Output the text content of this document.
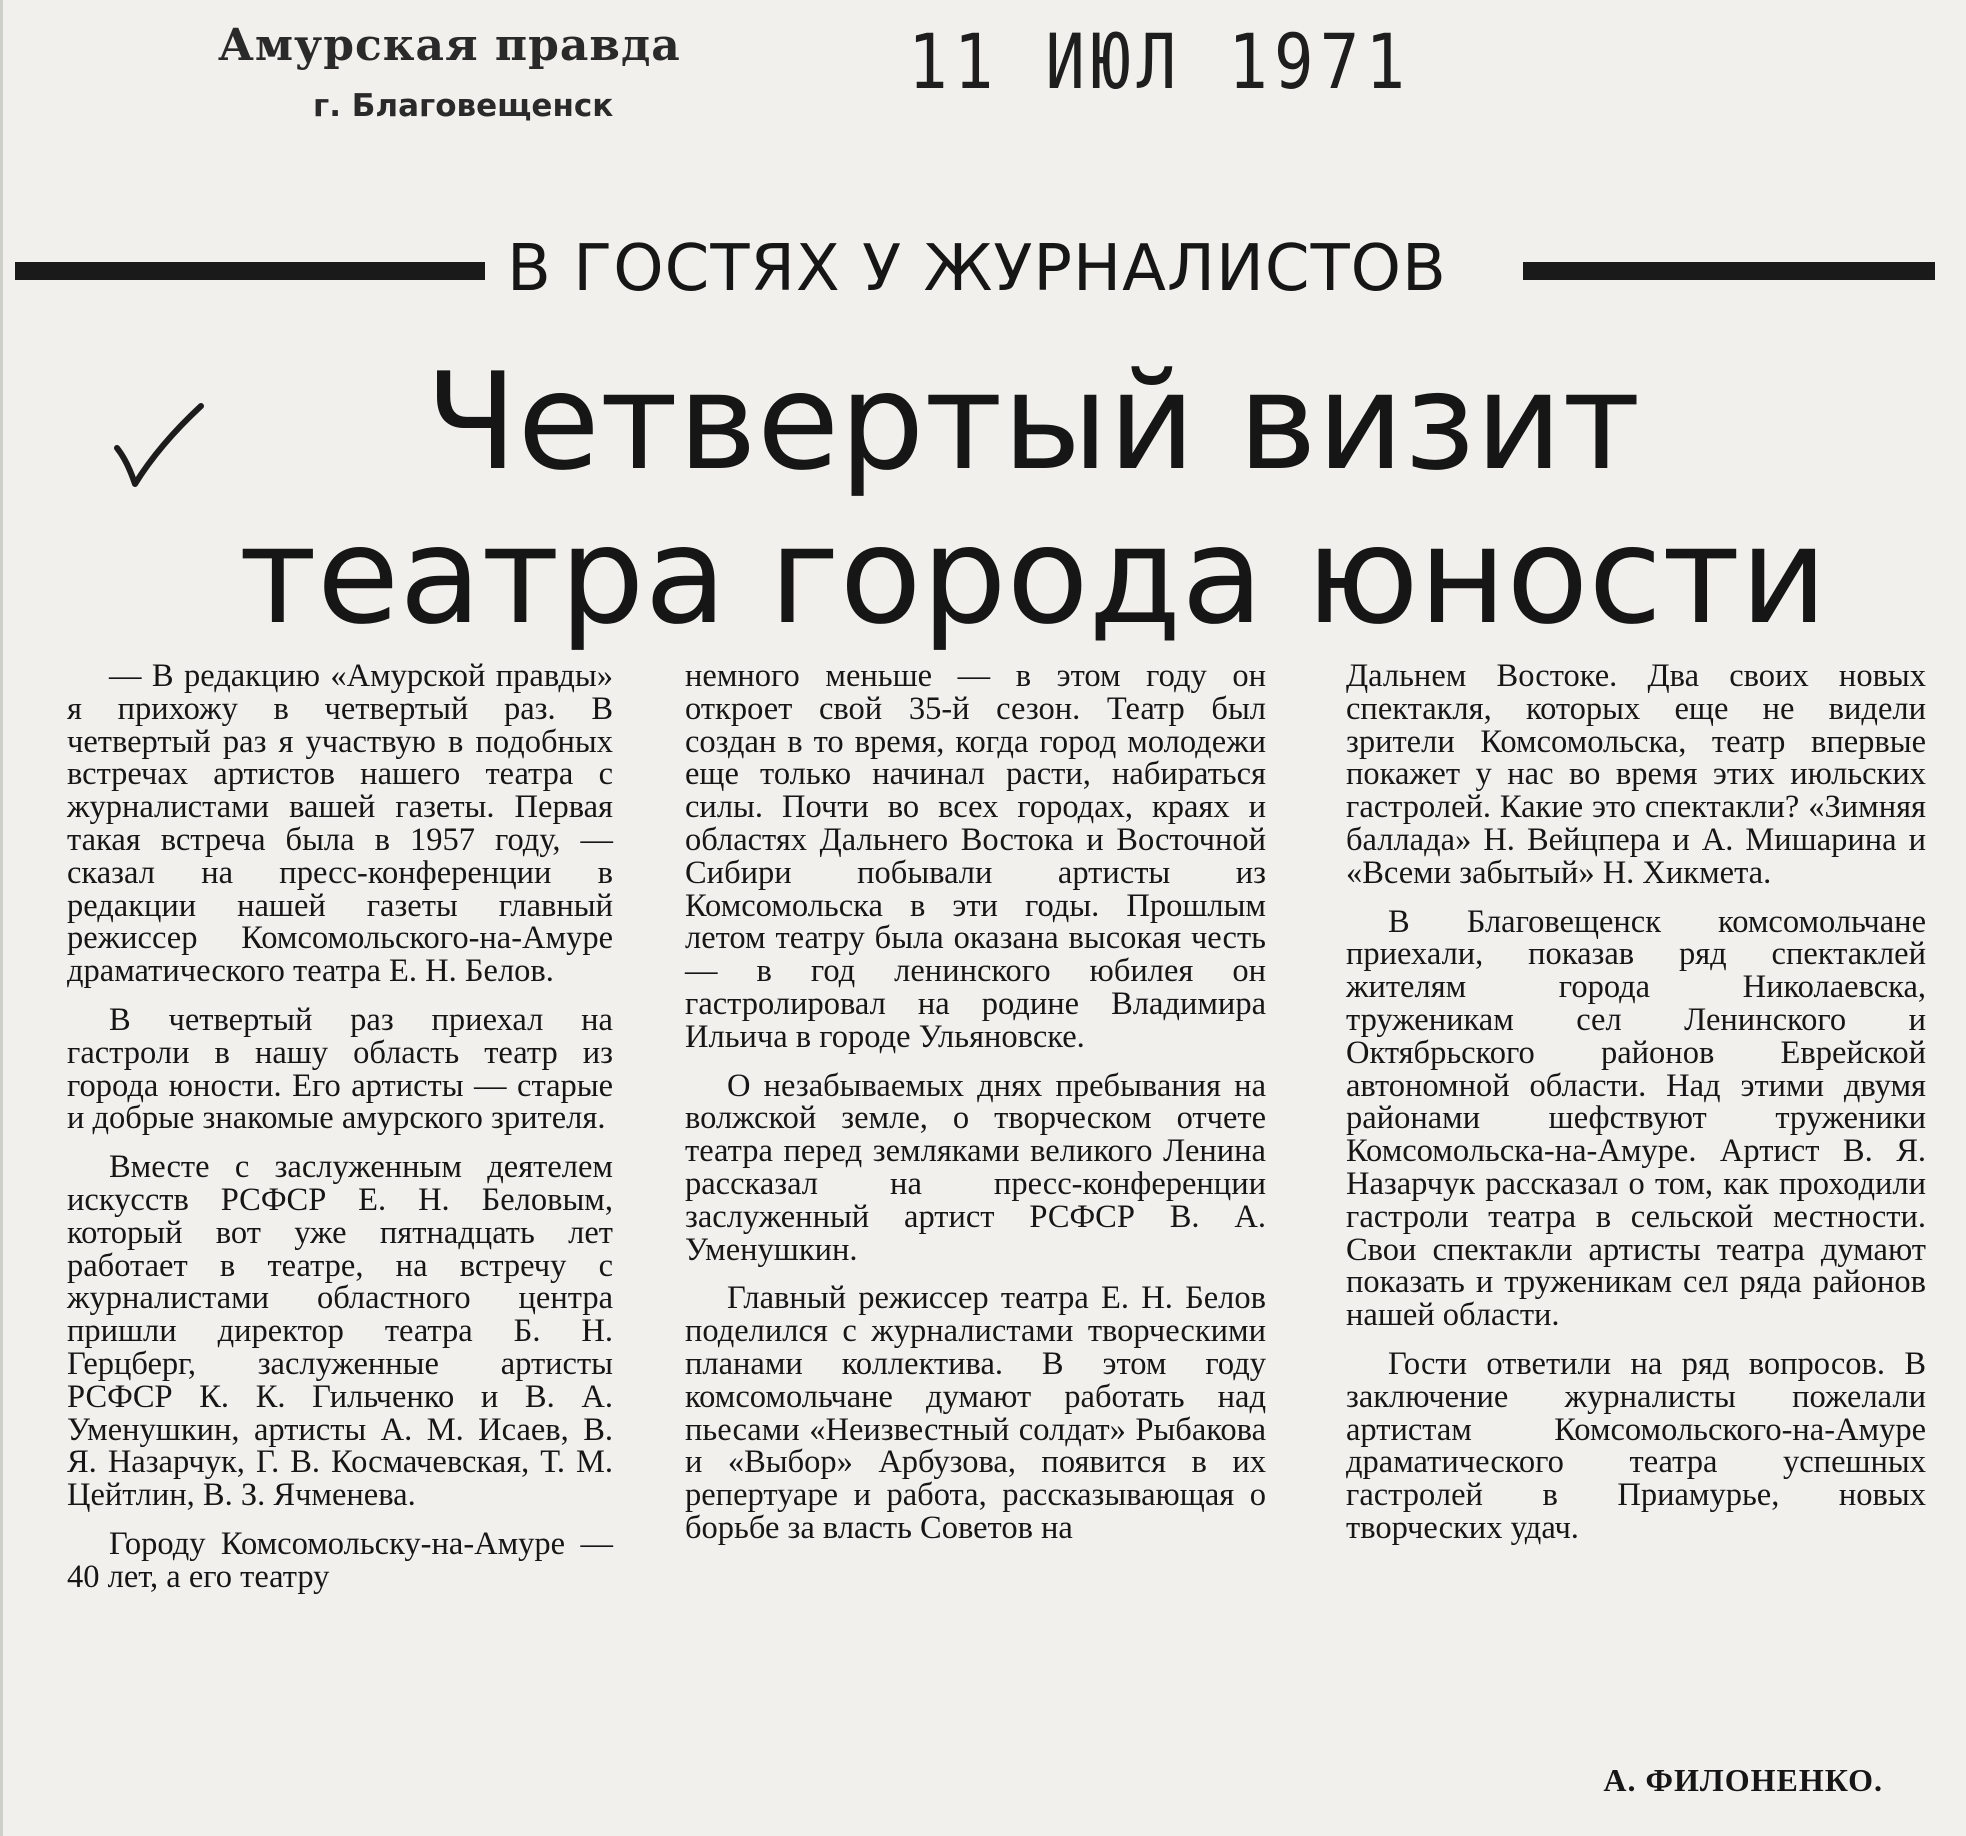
Амурская правда
г. Благовещенск	11 ИЮЛ 1971
В ГОСТЯХ У ЖУРНАЛИСТОВ
Четвертый визит
театра города юности

— В редакцию «Амурской правды» я прихожу в четвертый раз. В четвертый раз я участвую в подобных встречах артистов нашего театра с журналистами вашей газеты. Первая такая встреча была в 1957 году, — сказал на пресс-конференции в редакции нашей газеты главный режиссер Комсомольского-на-Амуре драматического театра Е. Н. Белов.

В четвертый раз приехал на гастроли в нашу область театр из города юности. Его артисты — старые и добрые знакомые амурского зрителя.

Вместе с заслуженным деятелем искусств РСФСР Е. Н. Беловым, который вот уже пятнадцать лет работает в театре, на встречу с журналистами областного центра пришли директор театра Б. Н. Герцберг, заслуженные артисты РСФСР К. К. Гильченко и В. А. Уменушкин, артисты А. М. Исаев, В. Я. Назарчук, Г. В. Космачевская, Т. М. Цейтлин, В. З. Ячменева.

Городу Комсомольску-на-Амуре — 40 лет, а его театру

немного меньше — в этом году он откроет свой 35-й сезон. Театр был создан в то время, когда город молодежи еще только начинал расти, набираться силы. Почти во всех городах, краях и областях Дальнего Востока и Восточной Сибири побывали артисты из Комсомольска в эти годы. Прошлым летом театру была оказана высокая честь — в год ленинского юбилея он гастролировал на родине Владимира Ильича в городе Ульяновске.

О незабываемых днях пребывания на волжской земле, о творческом отчете театра перед земляками великого Ленина рассказал на пресс-конференции заслуженный артист РСФСР В. А. Уменушкин.

Главный режиссер театра Е. Н. Белов поделился с журналистами творческими планами коллектива. В этом году комсомольчане думают работать над пьесами «Неизвестный солдат» Рыбакова и «Выбор» Арбузова, появится в их репертуаре и работа, рассказывающая о борьбе за власть Советов на

Дальнем Востоке. Два своих новых спектакля, которых еще не видели зрители Комсомольска, театр впервые покажет у нас во время этих июльских гастролей. Какие это спектакли? «Зимняя баллада» Н. Вейцпера и А. Мишарина и «Всеми забытый» Н. Хикмета.

В Благовещенск комсомольчане приехали, показав ряд спектаклей жителям города Николаевска, труженикам сел Ленинского и Октябрьского районов Еврейской автономной области. Над этими двумя районами шефствуют труженики Комсомольска-на-Амуре. Артист В. Я. Назарчук рассказал о том, как проходили гастроли театра в сельской местности. Свои спектакли артисты театра думают показать и труженикам сел ряда районов нашей области.

Гости ответили на ряд вопросов. В заключение журналисты пожелали артистам Комсомольского-на-Амуре драматического театра успешных гастролей в Приамурье, новых творческих удач.

А. ФИЛОНЕНКО.
